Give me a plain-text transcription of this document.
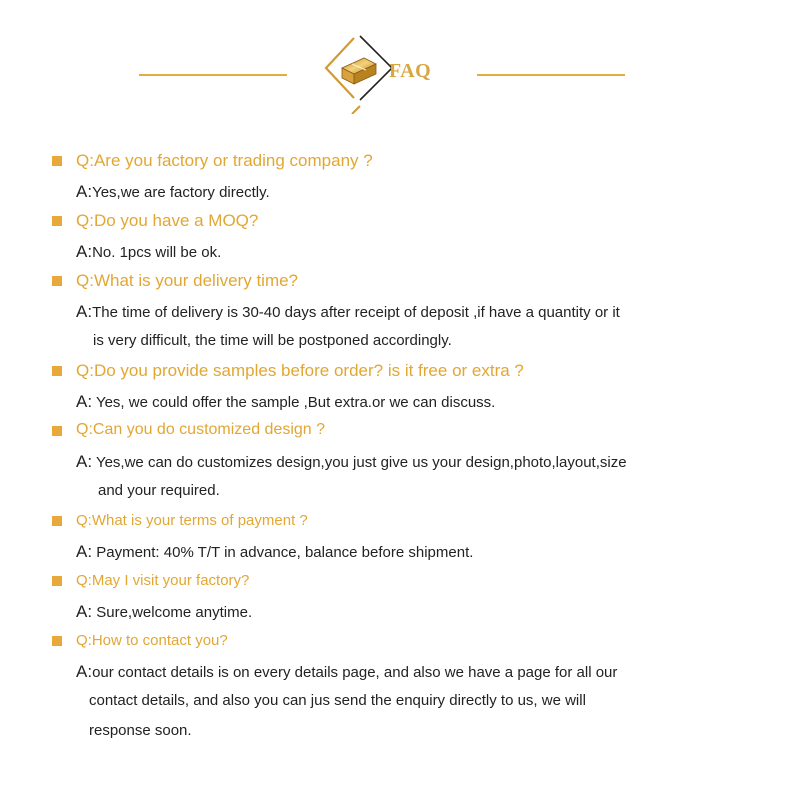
FAQ
Q:Are you factory or trading company ?
A:Yes,we are factory directly.
Q:Do you have a MOQ?
A:No. 1pcs will be ok.
Q:What is your delivery time?
A:The time of delivery is 30-40 days after receipt of deposit ,if have a quantity or it
is very difficult, the time will be postponed accordingly.
Q:Do you provide samples before order? is it free or extra ?
A: Yes, we could offer the sample ,But extra.or we can discuss.
Q:Can you do customized design ?
A: Yes,we can do customizes design,you just give us your design,photo,layout,size
and your required.
Q:What is your terms of payment ?
A: Payment: 40% T/T in advance, balance before shipment.
Q:May I visit your factory?
A: Sure,welcome anytime.
Q:How to contact you?
A:our contact details is on every details page, and also we have a page for all our
contact details, and also you can jus send the enquiry directly to us, we will
response soon.
